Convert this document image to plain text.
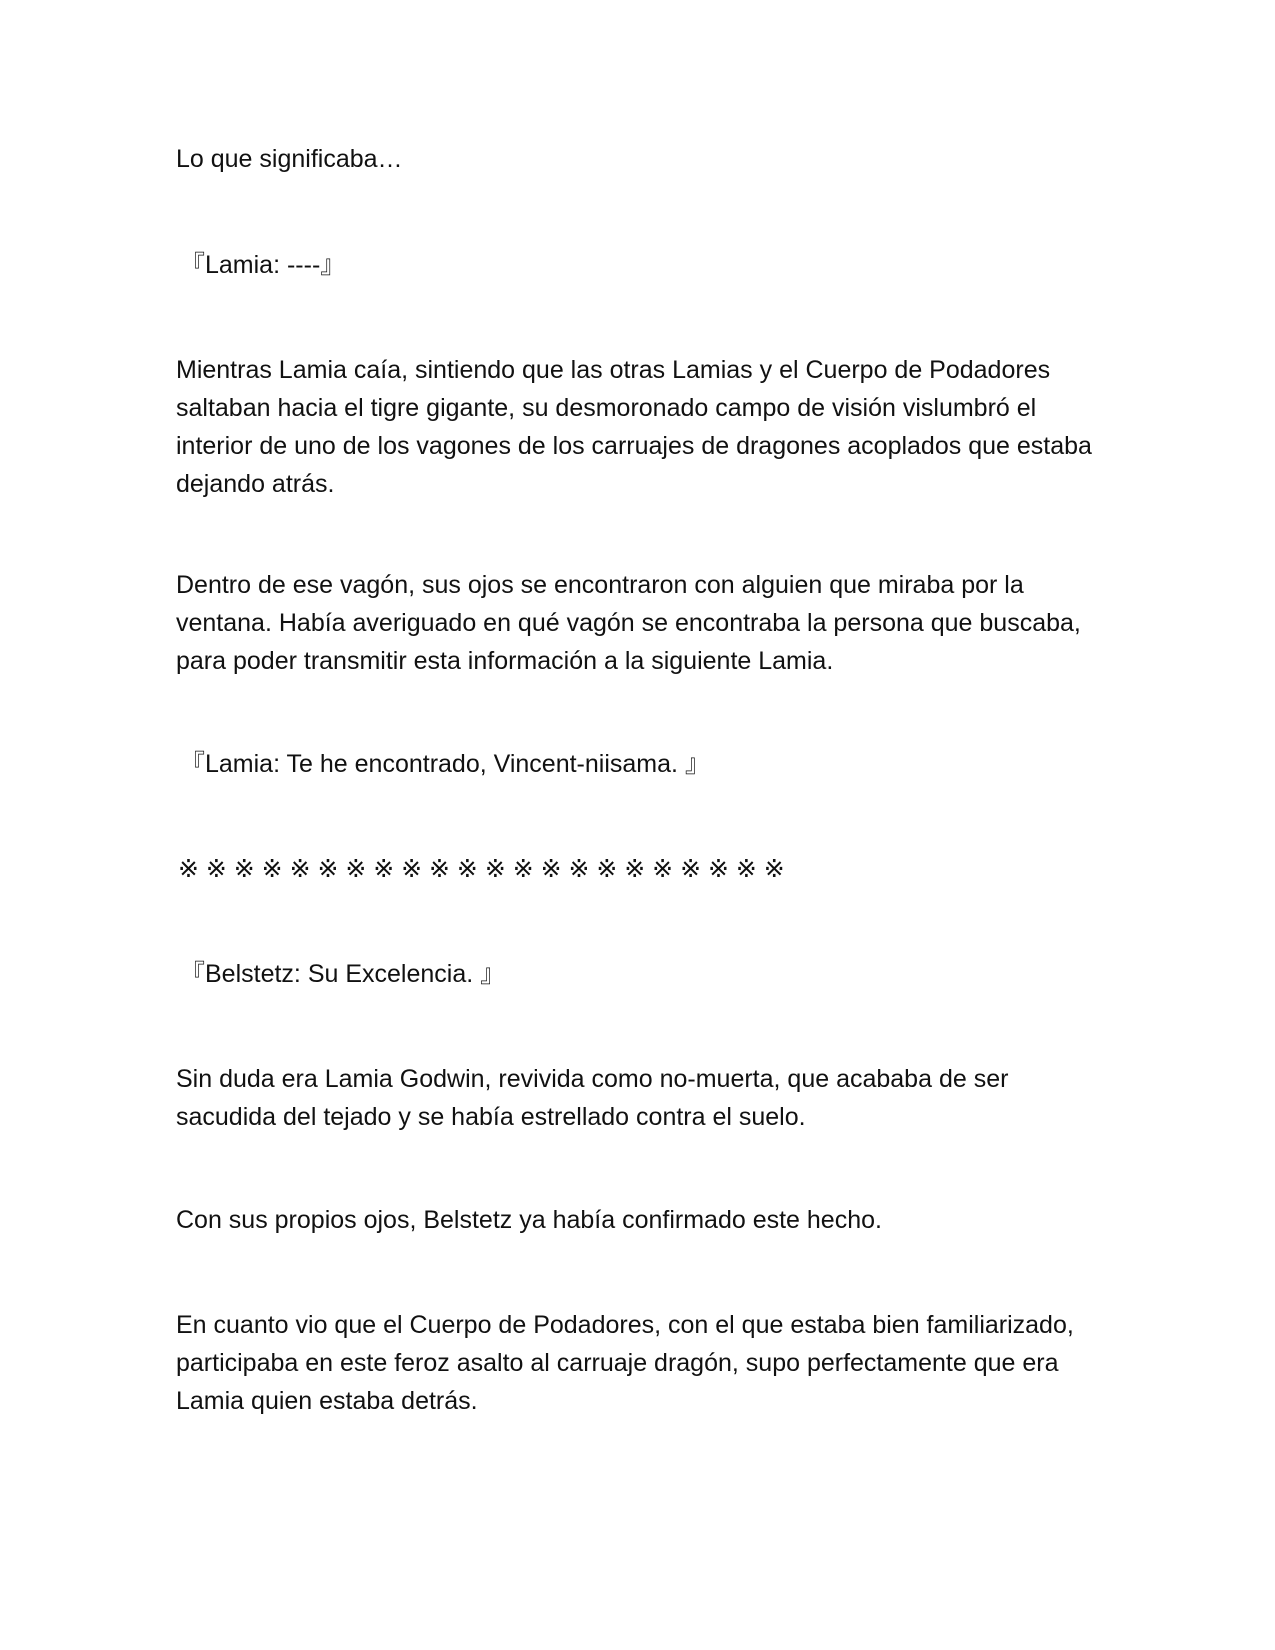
Lo que significaba…

『Lamia: ----』

Mientras Lamia caía, sintiendo que las otras Lamias y el Cuerpo de Podadores saltaban hacia el tigre gigante, su desmoronado campo de visión vislumbró el interior de uno de los vagones de los carruajes de dragones acoplados que estaba dejando atrás.

Dentro de ese vagón, sus ojos se encontraron con alguien que miraba por la ventana. Había averiguado en qué vagón se encontraba la persona que buscaba, para poder transmitir esta información a la siguiente Lamia.

『Lamia: Te he encontrado, Vincent-niisama. 』

※ ※ ※ ※ ※ ※ ※ ※ ※ ※ ※ ※ ※ ※ ※ ※ ※ ※ ※ ※ ※ ※

『Belstetz: Su Excelencia. 』

Sin duda era Lamia Godwin, revivida como no-muerta, que acababa de ser sacudida del tejado y se había estrellado contra el suelo.

Con sus propios ojos, Belstetz ya había confirmado este hecho.

En cuanto vio que el Cuerpo de Podadores, con el que estaba bien familiarizado, participaba en este feroz asalto al carruaje dragón, supo perfectamente que era Lamia quien estaba detrás.
